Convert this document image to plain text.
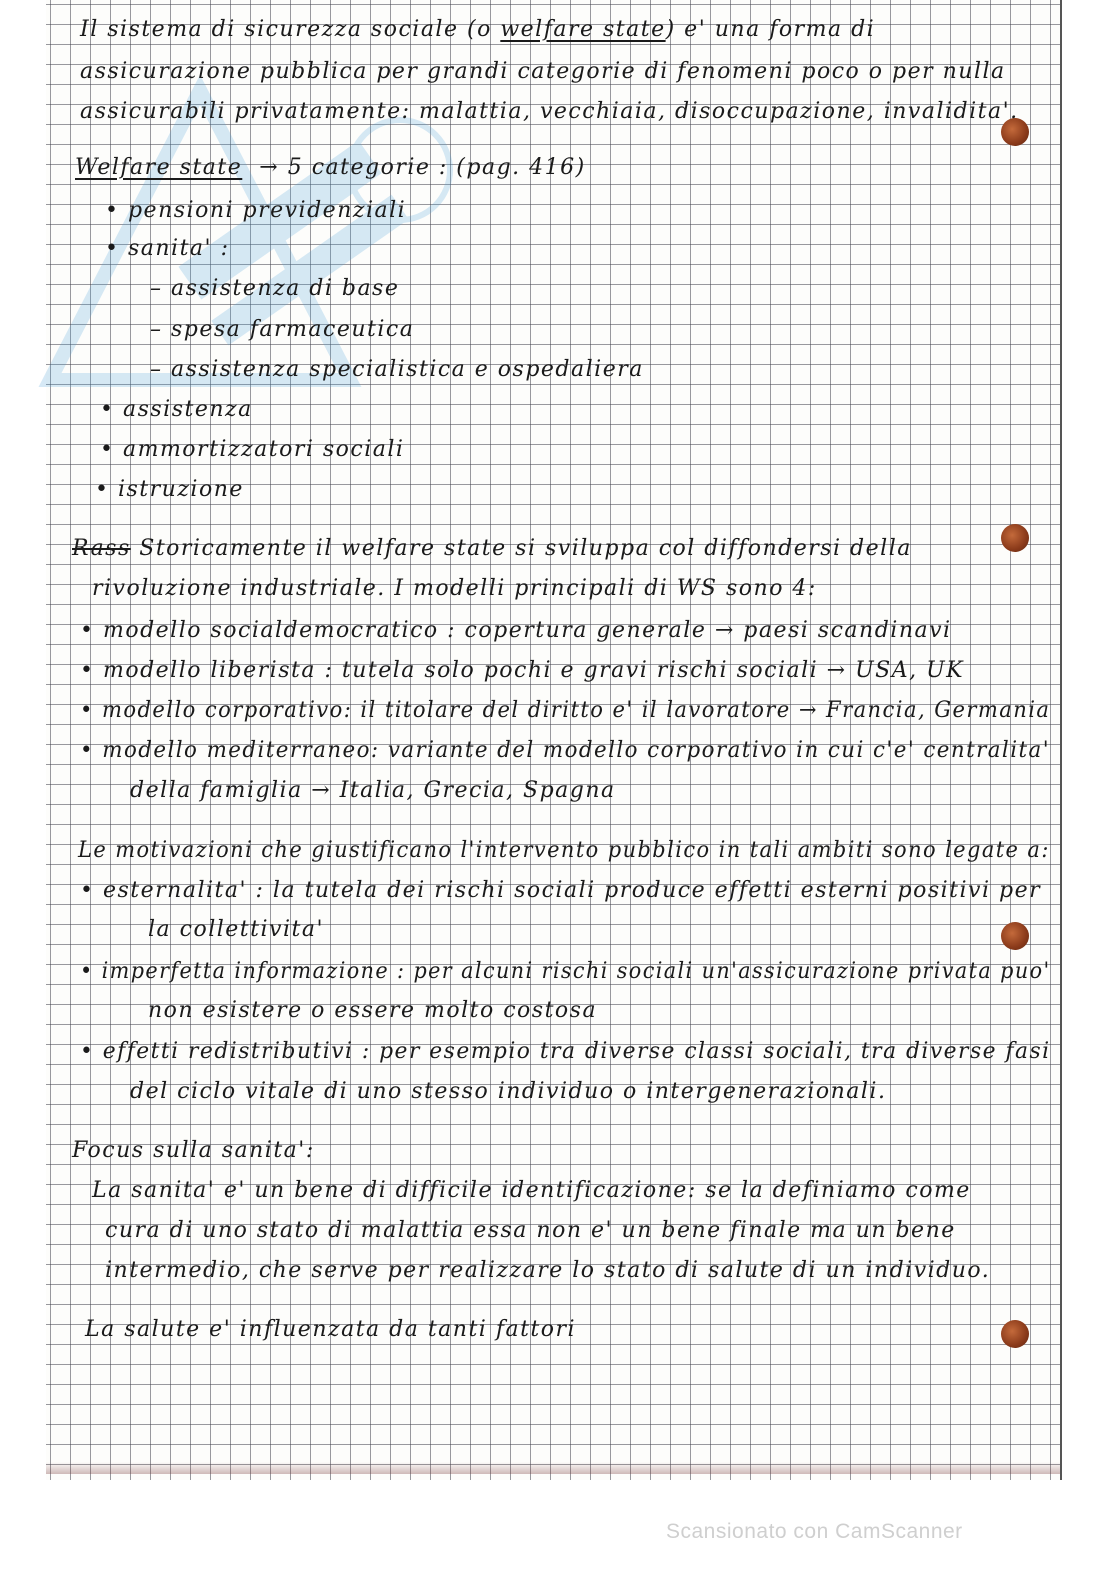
Il sistema di sicurezza sociale (o welfare state) e' una forma di
assicurazione pubblica per grandi categorie di fenomeni poco o per nulla
assicurabili privatamente: malattia, vecchiaia, disoccupazione, invalidita'.
Welfare state → 5 categorie : (pag. 416)
• pensioni previdenziali
• sanita' :
– assistenza di base
– spesa farmaceutica
– assistenza specialistica e ospedaliera
• assistenza
• ammortizzatori sociali
• istruzione
Rass Storicamente il welfare state si sviluppa col diffondersi della
rivoluzione industriale. I modelli principali di WS sono 4:
• modello socialdemocratico : copertura generale → paesi scandinavi
• modello liberista : tutela solo pochi e gravi rischi sociali → USA, UK
• modello corporativo: il titolare del diritto e' il lavoratore → Francia, Germania
• modello mediterraneo: variante del modello corporativo in cui c'e' centralita'
della famiglia → Italia, Grecia, Spagna
Le motivazioni che giustificano l'intervento pubblico in tali ambiti sono legate a:
• esternalita' : la tutela dei rischi sociali produce effetti esterni positivi per
la collettivita'
• imperfetta informazione : per alcuni rischi sociali un'assicurazione privata puo'
non esistere o essere molto costosa
• effetti redistributivi : per esempio tra diverse classi sociali, tra diverse fasi
del ciclo vitale di uno stesso individuo o intergenerazionali.
Focus sulla sanita':
La sanita' e' un bene di difficile identificazione: se la definiamo come
cura di uno stato di malattia essa non e' un bene finale ma un bene
intermedio, che serve per realizzare lo stato di salute di un individuo.
La salute e' influenzata da tanti fattori
Scansionato con CamScanner
